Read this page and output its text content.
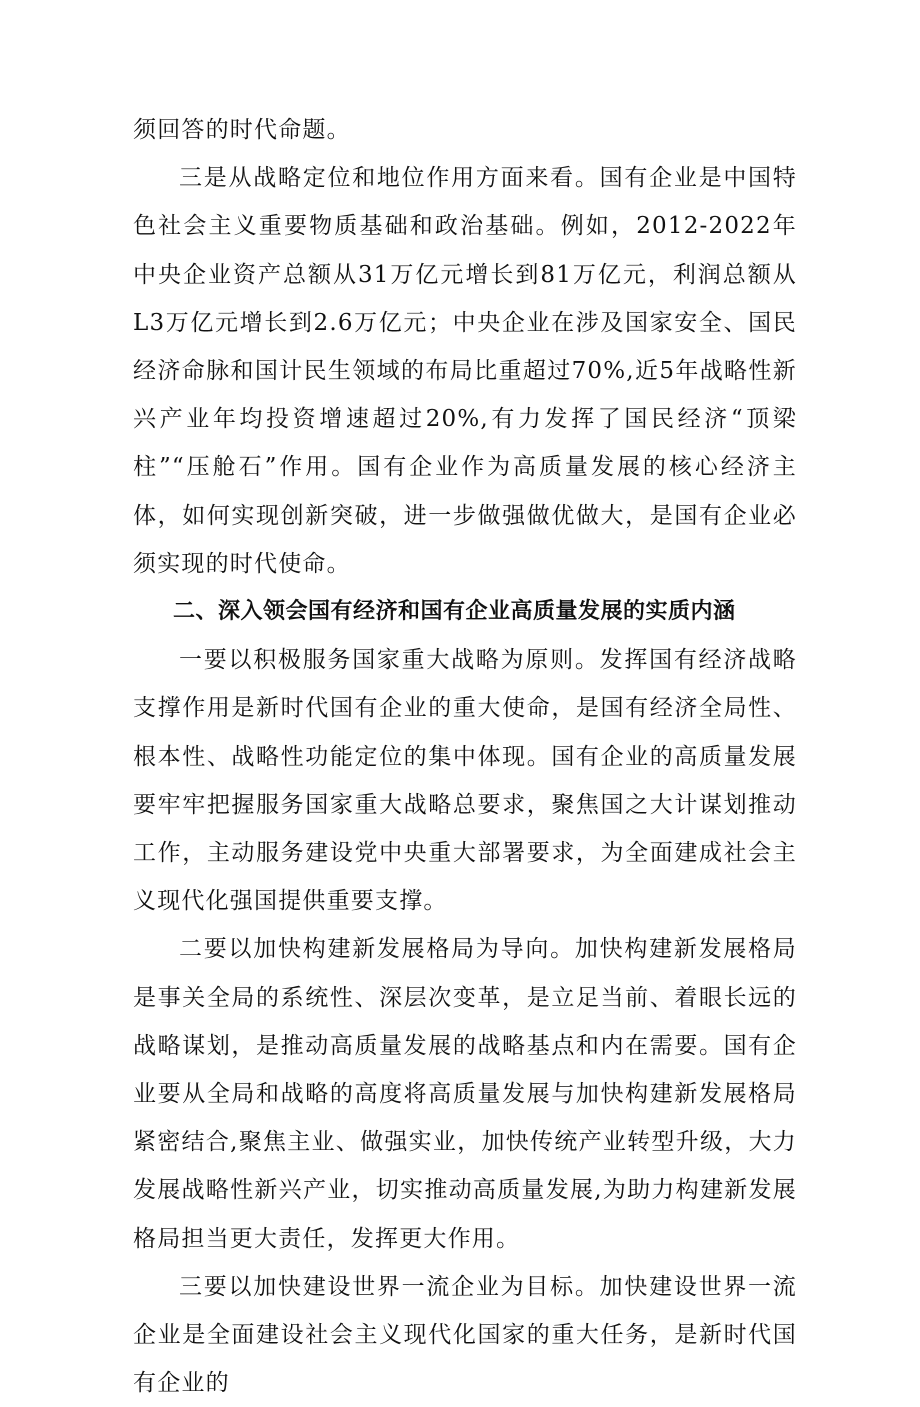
须回答的时代命题。

三是从战略定位和地位作用方面来看。国有企业是中国特色社会主义重要物质基础和政治基础。例如，2012-2022年中央企业资产总额从31万亿元增长到81万亿元，利润总额从L3万亿元增长到2.6万亿元；中央企业在涉及国家安全、国民经济命脉和国计民生领域的布局比重超过70%,近5年战略性新兴产业年均投资增速超过20%,有力发挥了国民经济“顶梁柱”“压舱石”作用。国有企业作为高质量发展的核心经济主体，如何实现创新突破，进一步做强做优做大，是国有企业必须实现的时代使命。

二、深入领会国有经济和国有企业高质量发展的实质内涵

一要以积极服务国家重大战略为原则。发挥国有经济战略支撑作用是新时代国有企业的重大使命，是国有经济全局性、根本性、战略性功能定位的集中体现。国有企业的高质量发展要牢牢把握服务国家重大战略总要求，聚焦国之大计谋划推动工作，主动服务建设党中央重大部署要求，为全面建成社会主义现代化强国提供重要支撑。

二要以加快构建新发展格局为导向。加快构建新发展格局是事关全局的系统性、深层次变革，是立足当前、着眼长远的战略谋划，是推动高质量发展的战略基点和内在需要。国有企业要从全局和战略的高度将高质量发展与加快构建新发展格局紧密结合,聚焦主业、做强实业，加快传统产业转型升级，大力发展战略性新兴产业，切实推动高质量发展,为助力构建新发展格局担当更大责任，发挥更大作用。

三要以加快建设世界一流企业为目标。加快建设世界一流企业是全面建设社会主义现代化国家的重大任务，是新时代国有企业的
